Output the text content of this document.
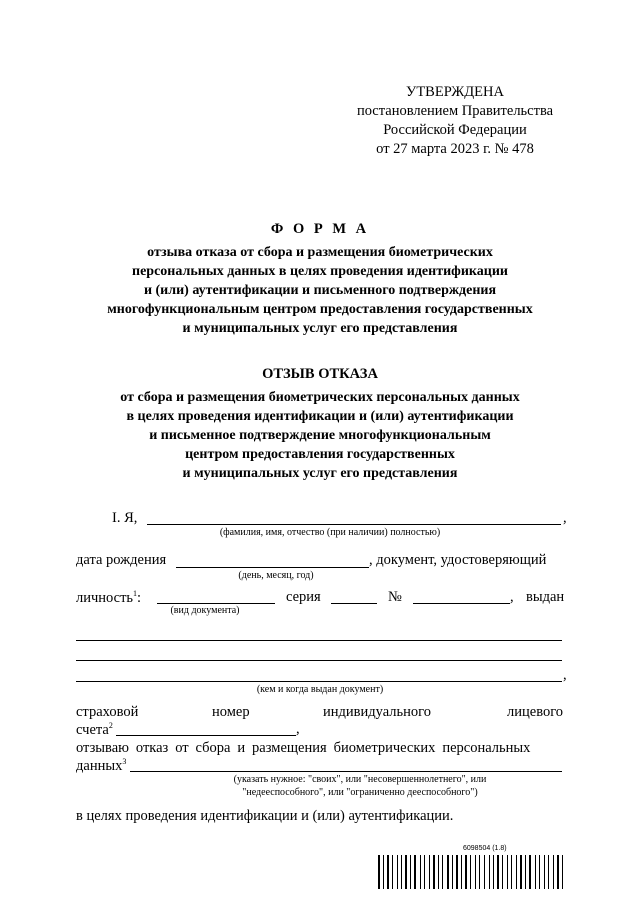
УТВЕРЖДЕНА
постановлением Правительства
Российской Федерации
от 27 марта 2023 г. № 478
Ф О Р М А
отзыва отказа от сбора и размещения биометрических
персональных данных в целях проведения идентификации
и (или) аутентификации и письменного подтверждения
многофункциональным центром предоставления государственных
и муниципальных услуг его представления
ОТЗЫВ ОТКАЗА
от сбора и размещения биометрических персональных данных
в целях проведения идентификации и (или) аутентификации
и письменное подтверждение многофункциональным
центром предоставления государственных
и муниципальных услуг его представления
I. Я,	,
(фамилия, имя, отчество (при наличии) полностью)
дата рождения	, документ, удостоверяющий
(день, месяц, год)
личность$^1$:
(вид документа)
серия	№	, выдан
,
(кем и когда выдан документ)
страховой	номер	индивидуального	лицевого
счета$^2$	,
отзываю отказ от сбора и размещения биометрических персональных
данных$^3$
(указать нужное: "своих", или "несовершеннолетнего", или
"недееспособного", или "ограниченно дееспособного")
в целях проведения идентификации и (или) аутентификации.
6098504 (1.8)
